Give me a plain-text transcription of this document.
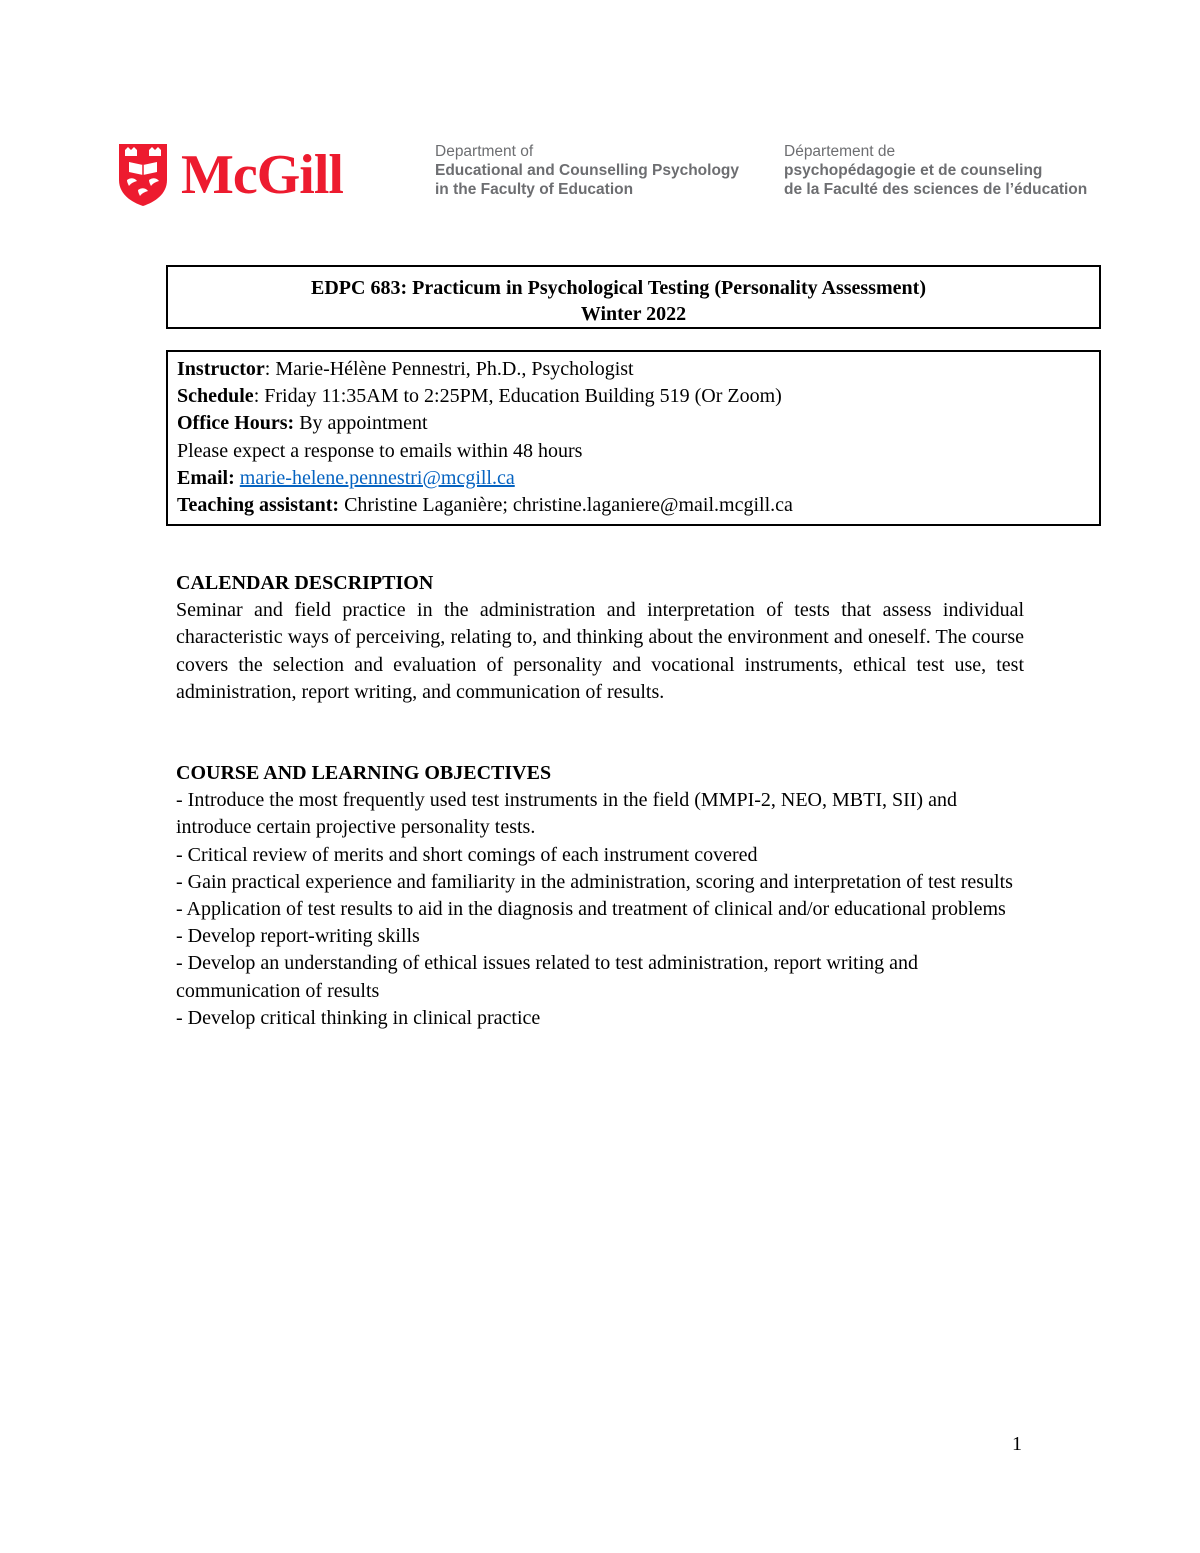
McGill	Department of
Educational and Counselling Psychology
in the Faculty of Education
Département de
psychopédagogie et de counseling
de la Faculté des sciences de l’éducation
EDPC 683: Practicum in Psychological Testing (Personality Assessment)
Winter 2022
Instructor: Marie-Hélène Pennestri, Ph.D., Psychologist
Schedule: Friday 11:35AM to 2:25PM, Education Building 519 (Or Zoom)
Office Hours: By appointment
Please expect a response to emails within 48 hours
Email: marie-helene.pennestri@mcgill.ca
Teaching assistant: Christine Laganière; christine.laganiere@mail.mcgill.ca
CALENDAR DESCRIPTION

Seminar and field practice in the administration and interpretation of tests that assess individual characteristic ways of perceiving, relating to, and thinking about the environment and oneself. The course covers the selection and evaluation of personality and vocational instruments, ethical test use, test administration, report writing, and communication of results.

COURSE AND LEARNING OBJECTIVES
- Introduce the most frequently used test instruments in the field (MMPI-2, NEO, MBTI, SII) and introduce certain projective personality tests.
- Critical review of merits and short comings of each instrument covered
- Gain practical experience and familiarity in the administration, scoring and interpretation of test results
- Application of test results to aid in the diagnosis and treatment of clinical and/or educational problems
- Develop report-writing skills
- Develop an understanding of ethical issues related to test administration, report writing and communication of results
- Develop critical thinking in clinical practice
1
